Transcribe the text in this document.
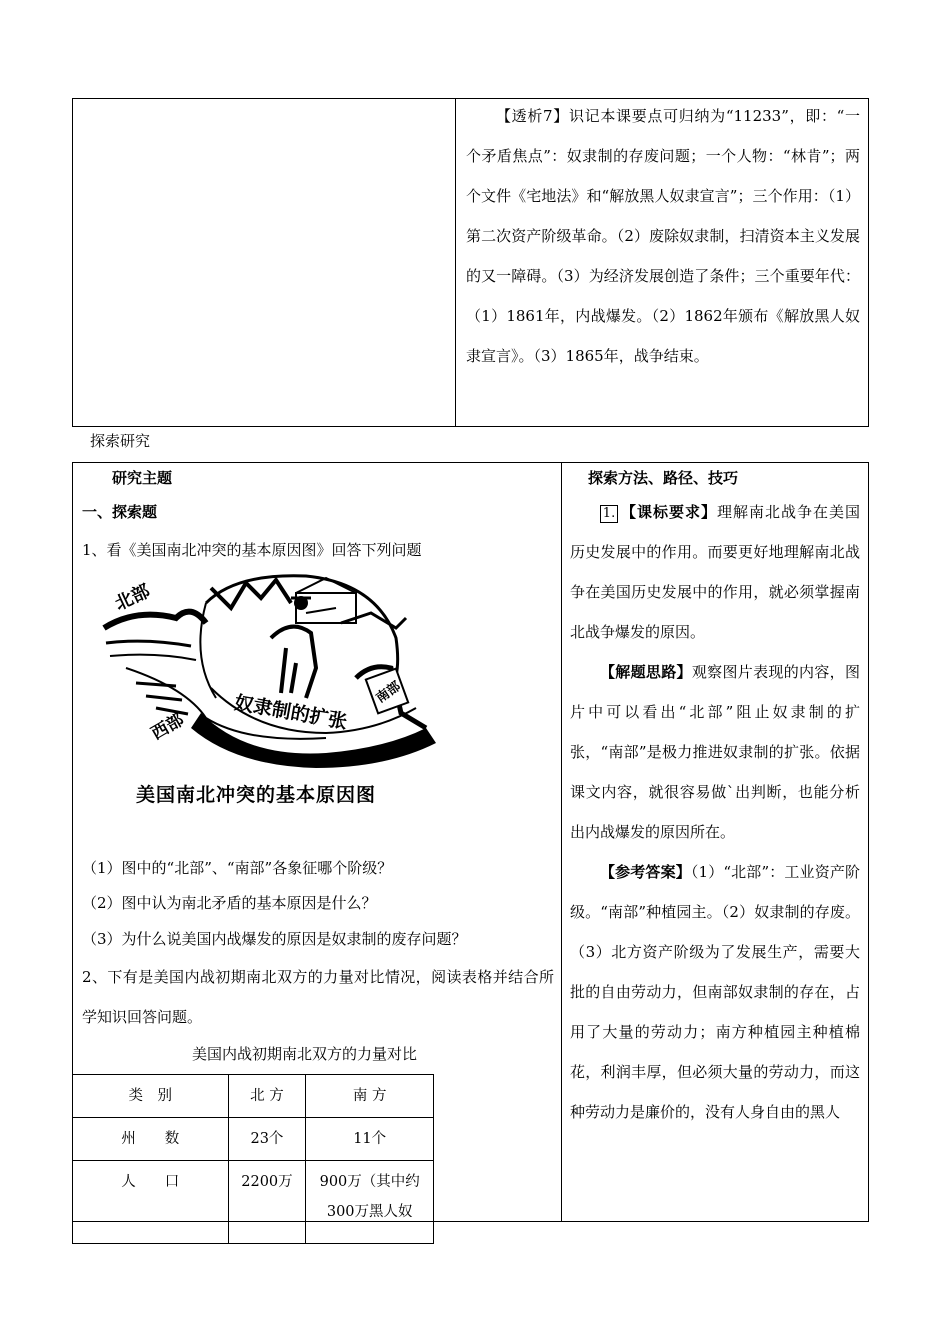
【透析7】识记本课要点可归纳为“11233”，即：“一个矛盾焦点”：奴隶制的存废问题；一个人物：“林肯”；两个文件《宅地法》和“解放黑人奴隶宣言”；三个作用：（1）第二次资产阶级革命。（2）废除奴隶制，扫清资本主义发展的又一障碍。（3）为经济发展创造了条件；三个重要年代：（1）1861年，内战爆发。（2）1862年颁布《解放黑人奴隶宣言》。（3）1865年，战争结束。

探索研究
研究主题
一、探索题
1、看《美国南北冲突的基本原因图》回答下列问题
北部
西部
南部
奴隶制的扩张
美国南北冲突的基本原因图
（1）图中的“北部”、“南部”各象征哪个阶级？
（2）图中认为南北矛盾的基本原因是什么？
（3）为什么说美国内战爆发的原因是奴隶制的废存问题？
2、下有是美国内战初期南北双方的力量对比情况，阅读表格并结合所学知识回答问题。
美国内战初期南北双方的力量对比
类　别	北 方	南 方
州　　数	23个	11个
人　　口	2200万	900万（其中约300万黑人奴
探索方法、路径、技巧

1. 【课标要求】理解南北战争在美国历史发展中的作用。而要更好地理解南北战争在美国历史发展中的作用，就必须掌握南北战争爆发的原因。

【解题思路】观察图片表现的内容，图片中可以看出“北部”阻止奴隶制的扩张，“南部”是极力推进奴隶制的扩张。依据课文内容，就很容易做`出判断，也能分析出内战爆发的原因所在。

【参考答案】（1）“北部”：工业资产阶级。“南部”种植园主。（2）奴隶制的存废。（3）北方资产阶级为了发展生产，需要大批的自由劳动力，但南部奴隶制的存在，占用了大量的劳动力；南方种植园主种植棉花，利润丰厚，但必须大量的劳动力，而这种劳动力是廉价的，没有人身自由的黑人
